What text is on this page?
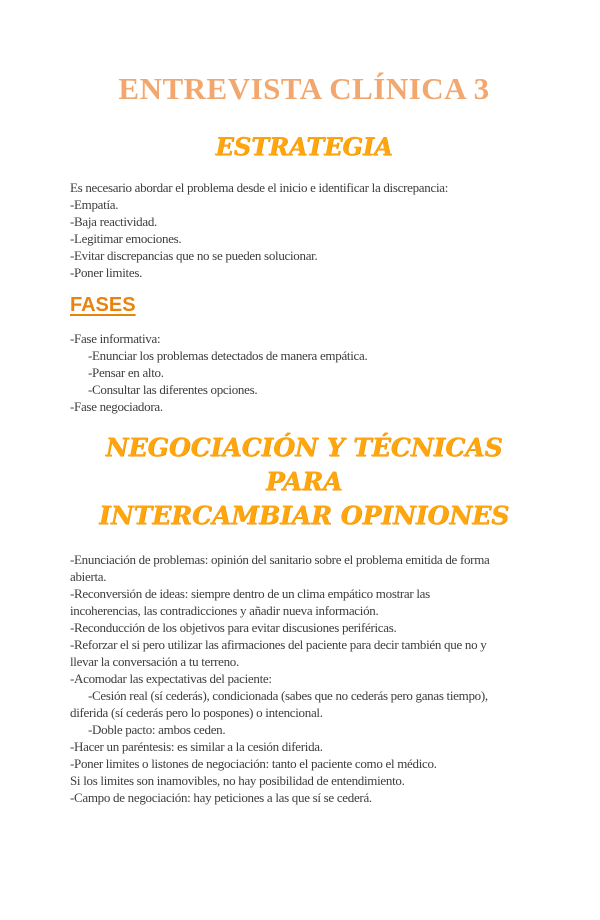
ENTREVISTA CLÍNICA 3
ESTRATEGIA
Es necesario abordar el problema desde el inicio e identificar la discrepancia:
-Empatía.
-Baja reactividad.
-Legitimar emociones.
-Evitar discrepancias que no se pueden solucionar.
-Poner limites.
FASES
-Fase informativa:
-Enunciar los problemas detectados de manera empática.
-Pensar en alto.
-Consultar las diferentes opciones.
-Fase negociadora.
NEGOCIACIÓN Y TÉCNICAS PARA
INTERCAMBIAR OPINIONES
-Enunciación de problemas: opinión del sanitario sobre el problema emitida de forma
abierta.
-Reconversión de ideas: siempre dentro de un clima empático mostrar las
incoherencias, las contradicciones y añadir nueva información.
-Reconducción de los objetivos para evitar discusiones periféricas.
-Reforzar el si pero utilizar las afirmaciones del paciente para decir también que no y
llevar la conversación a tu terreno.
-Acomodar las expectativas del paciente:
-Cesión real (sí cederás), condicionada (sabes que no cederás pero ganas tiempo),
diferida (sí cederás pero lo pospones) o intencional.
-Doble pacto: ambos ceden.
-Hacer un paréntesis: es similar a la cesión diferida.
-Poner limites o listones de negociación: tanto el paciente como el médico.
Si los limites son inamovibles, no hay posibilidad de entendimiento.
-Campo de negociación: hay peticiones a las que sí se cederá.
